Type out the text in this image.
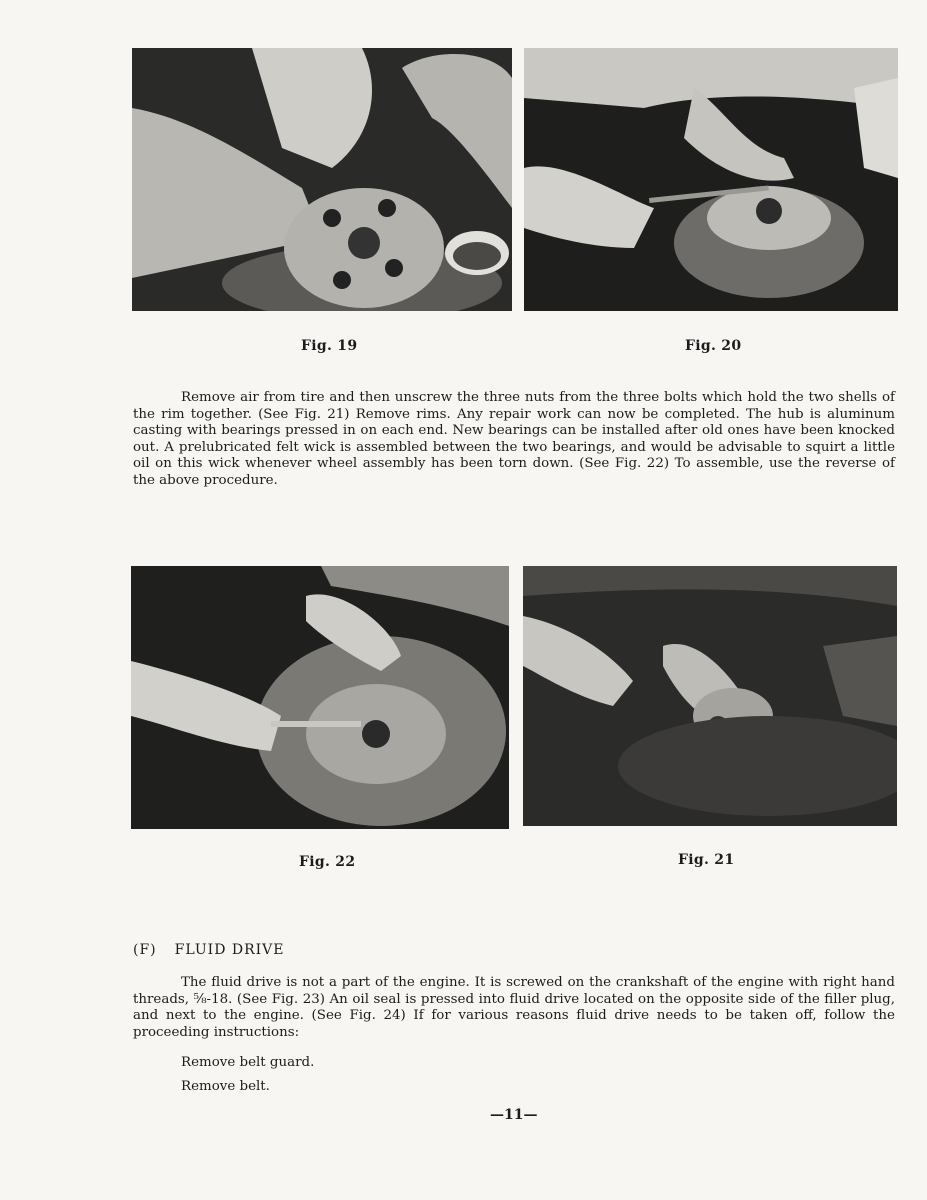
Fig. 19	Fig. 20

Remove air from tire and then unscrew the three nuts from the three bolts which hold the two shells of the rim together. (See Fig. 21) Remove rims. Any repair work can now be completed. The hub is aluminum casting with bearings pressed in on each end. New bearings can be installed after old ones have been knocked out. A prelubricated felt wick is assembled between the two bearings, and would be advisable to squirt a little oil on this wick whenever wheel assembly has been torn down. (See Fig. 22) To assemble, use the reverse of the above procedure.

Fig. 22	Fig. 21
(F) FLUID DRIVE

The fluid drive is not a part of the engine. It is screwed on the crankshaft of the engine with right hand threads, ⅝-18. (See Fig. 23) An oil seal is pressed into fluid drive located on the opposite side of the filler plug, and next to the engine. (See Fig. 24) If for various reasons fluid drive needs to be taken off, follow the proceeding instructions:

Remove belt guard.
Remove belt.
—11—
